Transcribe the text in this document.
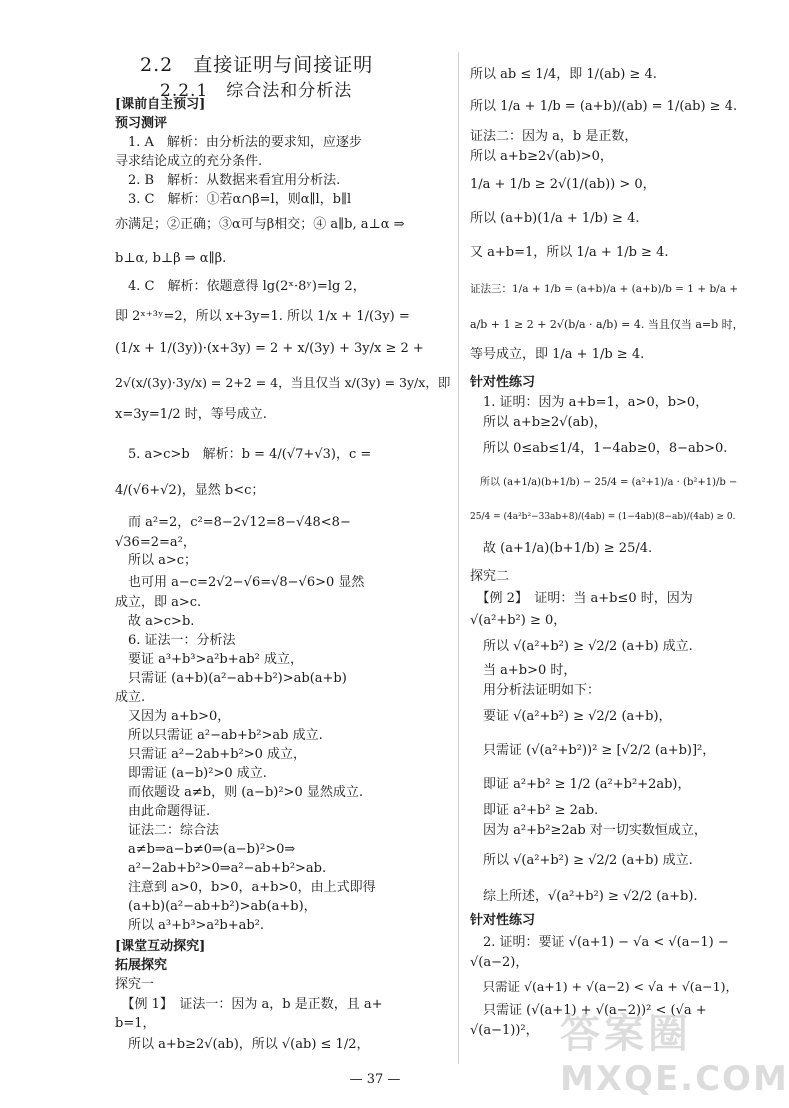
2.2　直接证明与间接证明
2.2.1　综合法和分析法
[课前自主预习]
预习测评
　1. A　解析：由分析法的要求知，应逐步
寻求结论成立的充分条件.
　2. B　解析：从数据来看宜用分析法.
　3. C　解析：①若α∩β=l，则α∥l，b∥l
亦满足；②正确；③α可与β相交；④ a∥b, a⊥α ⇒
b⊥α, b⊥β ⇒ α∥β.
　4. C　解析：依题意得 lg(2ˣ·8ʸ)=lg 2，
即 2ˣ⁺³ʸ=2，所以 x+3y=1. 所以 1/x + 1/(3y) =
(1/x + 1/(3y))·(x+3y) = 2 + x/(3y) + 3y/x ≥ 2 +
2√(x/(3y)·3y/x) = 2+2 = 4，当且仅当 x/(3y) = 3y/x，即
x=3y=1/2 时，等号成立.
　5. a>c>b　解析：b = 4/(√7+√3)，c =
4/(√6+√2)，显然 b<c；
　而 a²=2，c²=8−2√12=8−√48<8−
√36=2=a²，
　所以 a>c；
　也可用 a−c=2√2−√6=√8−√6>0 显然
成立，即 a>c.
　故 a>c>b.
　6. 证法一：分析法
　要证 a³+b³>a²b+ab² 成立，
　只需证 (a+b)(a²−ab+b²)>ab(a+b)
成立.
　又因为 a+b>0，
　所以只需证 a²−ab+b²>ab 成立.
　只需证 a²−2ab+b²>0 成立，
　即需证 (a−b)²>0 成立.
　而依题设 a≠b，则 (a−b)²>0 显然成立.
　由此命题得证.
　证法二：综合法
　a≠b⇒a−b≠0⇒(a−b)²>0⇒
　a²−2ab+b²>0⇒a²−ab+b²>ab.
　注意到 a>0，b>0，a+b>0，由上式即得
　(a+b)(a²−ab+b²)>ab(a+b)，
　所以 a³+b³>a²b+ab².
[课堂互动探究]
拓展探究
探究一
　【例 1】　证法一：因为 a，b 是正数，且 a+
b=1，
　所以 a+b≥2√(ab)，所以 √(ab) ≤ 1/2，
所以 ab ≤ 1/4，即 1/(ab) ≥ 4.
所以 1/a + 1/b = (a+b)/(ab) = 1/(ab) ≥ 4.
证法二：因为 a，b 是正数，
所以 a+b≥2√(ab)>0，
1/a + 1/b ≥ 2√(1/(ab)) > 0，
所以 (a+b)(1/a + 1/b) ≥ 4.
又 a+b=1，所以 1/a + 1/b ≥ 4.
证法三：1/a + 1/b = (a+b)/a + (a+b)/b = 1 + b/a +
a/b + 1 ≥ 2 + 2√(b/a · a/b) = 4. 当且仅当 a=b 时，
等号成立，即 1/a + 1/b ≥ 4.
针对性练习
　1. 证明：因为 a+b=1，a>0，b>0，
　所以 a+b≥2√(ab)，
　所以 0≤ab≤1/4，1−4ab≥0，8−ab>0.
　所以 (a+1/a)(b+1/b) − 25/4 = (a²+1)/a · (b²+1)/b −
25/4 = (4a²b²−33ab+8)/(4ab) = (1−4ab)(8−ab)/(4ab) ≥ 0.
　故 (a+1/a)(b+1/b) ≥ 25/4.
探究二
　【例 2】　证明：当 a+b≤0 时，因为
√(a²+b²) ≥ 0，
　所以 √(a²+b²) ≥ √2/2 (a+b) 成立.
　当 a+b>0 时，
　用分析法证明如下：
　要证 √(a²+b²) ≥ √2/2 (a+b)，
　只需证 (√(a²+b²))² ≥ [√2/2 (a+b)]²，
　即证 a²+b² ≥ 1/2 (a²+b²+2ab)，
　即证 a²+b² ≥ 2ab.
　因为 a²+b²≥2ab 对一切实数恒成立，
　所以 √(a²+b²) ≥ √2/2 (a+b) 成立.
　综上所述，√(a²+b²) ≥ √2/2 (a+b).
针对性练习
　2. 证明：要证 √(a+1) − √a < √(a−1) −
√(a−2)，
　只需证 √(a+1) + √(a−2) < √a + √(a−1)，
　只需证 (√(a+1) + √(a−2))² < (√a +
√(a−1))²，
— 37 —
答案圈
MXQE.COM
